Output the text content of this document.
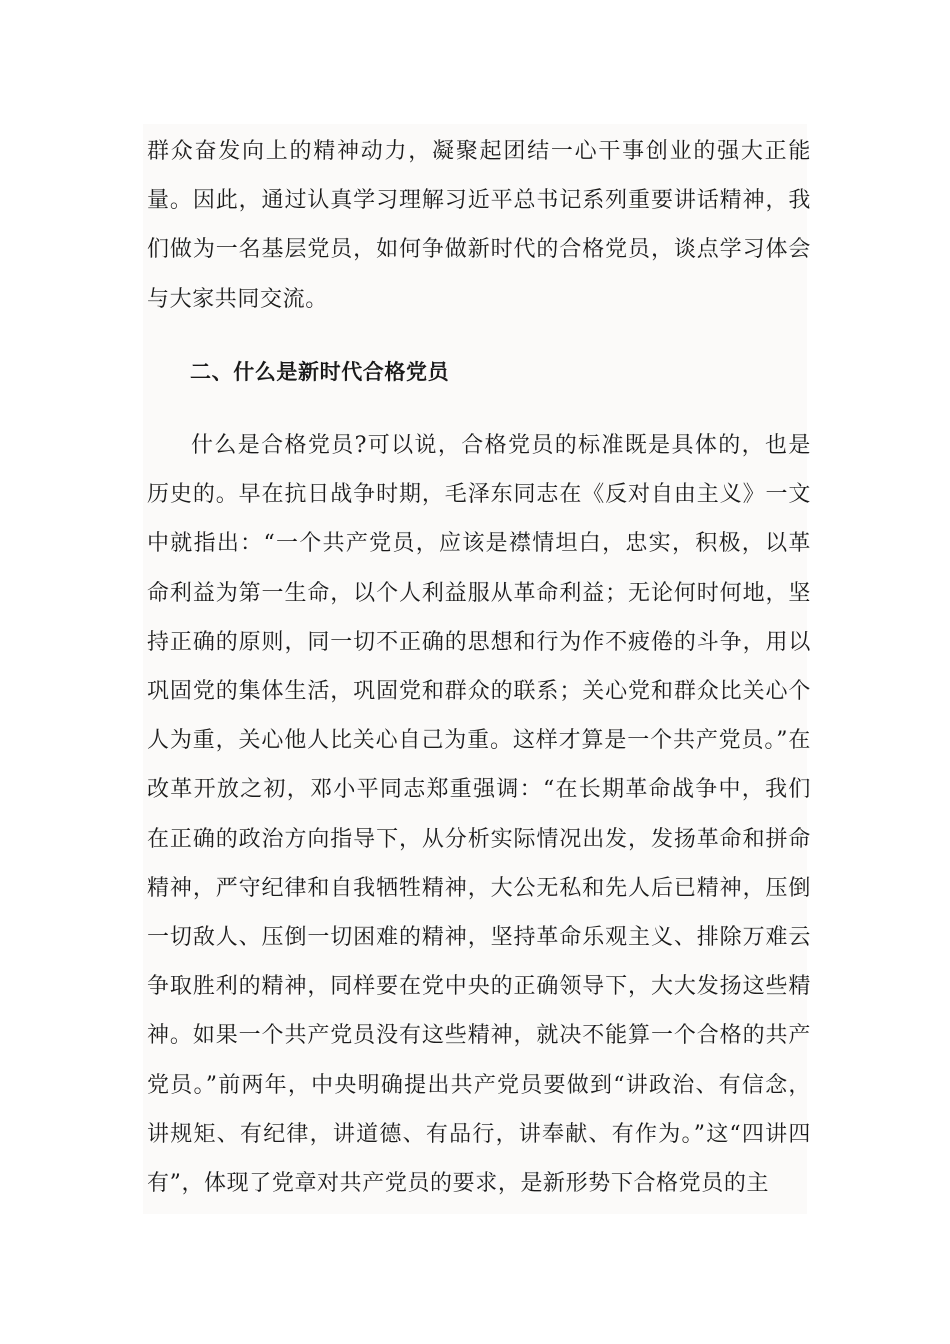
群众奋发向上的精神动力，凝聚起团结一心干事创业的强大正能量。因此，通过认真学习理解习近平总书记系列重要讲话精神，我们做为一名基层党员，如何争做新时代的合格党员，谈点学习体会与大家共同交流。

二、什么是新时代合格党员

什么是合格党员?可以说，合格党员的标准既是具体的，也是历史的。早在抗日战争时期，毛泽东同志在《反对自由主义》一文中就指出：“一个共产党员，应该是襟情坦白，忠实，积极，以革命利益为第一生命，以个人利益服从革命利益；无论何时何地，坚持正确的原则，同一切不正确的思想和行为作不疲倦的斗争，用以巩固党的集体生活，巩固党和群众的联系；关心党和群众比关心个人为重，关心他人比关心自己为重。这样才算是一个共产党员。”在改革开放之初，邓小平同志郑重强调：“在长期革命战争中，我们在正确的政治方向指导下，从分析实际情况出发，发扬革命和拼命精神，严守纪律和自我牺牲精神，大公无私和先人后已精神，压倒一切敌人、压倒一切困难的精神，坚持革命乐观主义、排除万难云争取胜利的精神，同样要在党中央的正确领导下，大大发扬这些精神。如果一个共产党员没有这些精神，就决不能算一个合格的共产党员。”前两年，中央明确提出共产党员要做到“讲政治、有信念，讲规矩、有纪律，讲道德、有品行，讲奉献、有作为。”这“四讲四有”，体现了党章对共产党员的要求，是新形势下合格党员的主
